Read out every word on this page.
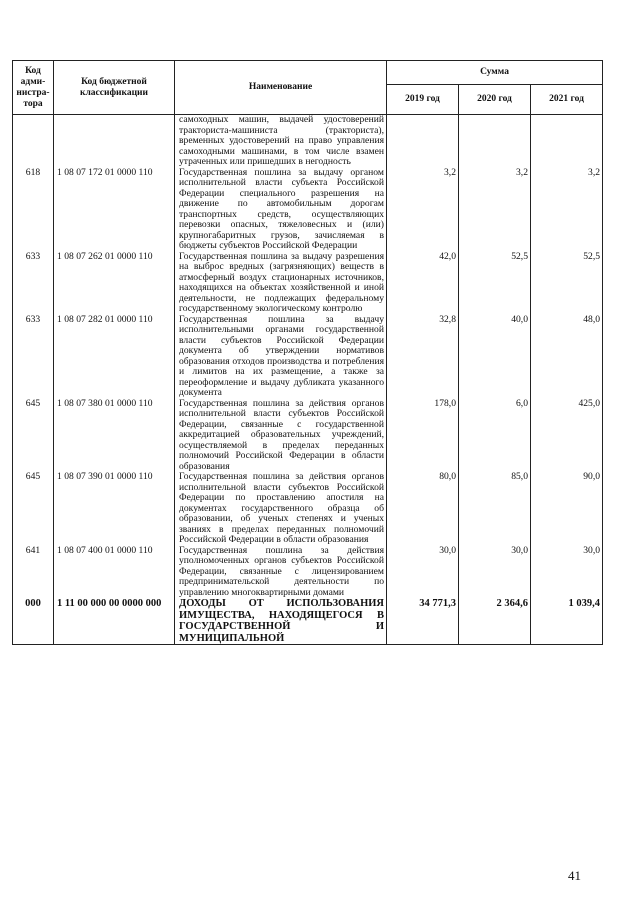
Код адми-нистра-тора	Код бюджетной классификации	Наименование	Сумма		
			2019 год	2020 год	2021 год
		самоходных машин, выдачей удостоверений тракториста-машиниста (тракториста), временных удостоверений на право управления самоходными машинами, в том числе взамен утраченных или пришедших в негодность			
618	1 08 07 172 01 0000 110	Государственная пошлина за выдачу органом исполнительной власти субъекта Российской Федерации специального разрешения на движение по автомобильным дорогам транспортных средств, осуществляющих перевозки опасных, тяжеловесных и (или) крупногабаритных грузов, зачисляемая в бюджеты субъектов Российской Федерации	3,2	3,2	3,2
633	1 08 07 262 01 0000 110	Государственная пошлина за выдачу разрешения на выброс вредных (загрязняющих) веществ в атмосферный воздух стационарных источников, находящихся на объектах хозяйственной и иной деятельности, не подлежащих федеральному государственному экологическому контролю	42,0	52,5	52,5
633	1 08 07 282 01 0000 110	Государственная пошлина за выдачу исполнительными органами государственной власти субъектов Российской Федерации документа об утверждении нормативов образования отходов производства и потребления и лимитов на их размещение, а также за переоформление и выдачу дубликата указанного документа	32,8	40,0	48,0
645	1 08 07 380 01 0000 110	Государственная пошлина за действия органов исполнительной власти субъектов Российской Федерации, связанные с государственной аккредитацией образовательных учреждений, осуществляемой в пределах переданных полномочий Российской Федерации в области образования	178,0	6,0	425,0
645	1 08 07 390 01 0000 110	Государственная пошлина за действия органов исполнительной власти субъектов Российской Федерации по проставлению апостиля на документах государственного образца об образовании, об ученых степенях и ученых званиях в пределах переданных полномочий Российской Федерации в области образования	80,0	85,0	90,0
641	1 08 07 400 01 0000 110	Государственная пошлина за действия уполномоченных органов субъектов Российской Федерации, связанные с лицензированием предпринимательской деятельности по управлению многоквартирными домами	30,0	30,0	30,0
000	1 11 00 000 00 0000 000	ДОХОДЫ ОТ ИСПОЛЬЗОВАНИЯ ИМУЩЕСТВА, НАХОДЯЩЕГОСЯ В ГОСУДАРСТВЕННОЙ И МУНИЦИПАЛЬНОЙ	34 771,3	2 364,6	1 039,4
41
